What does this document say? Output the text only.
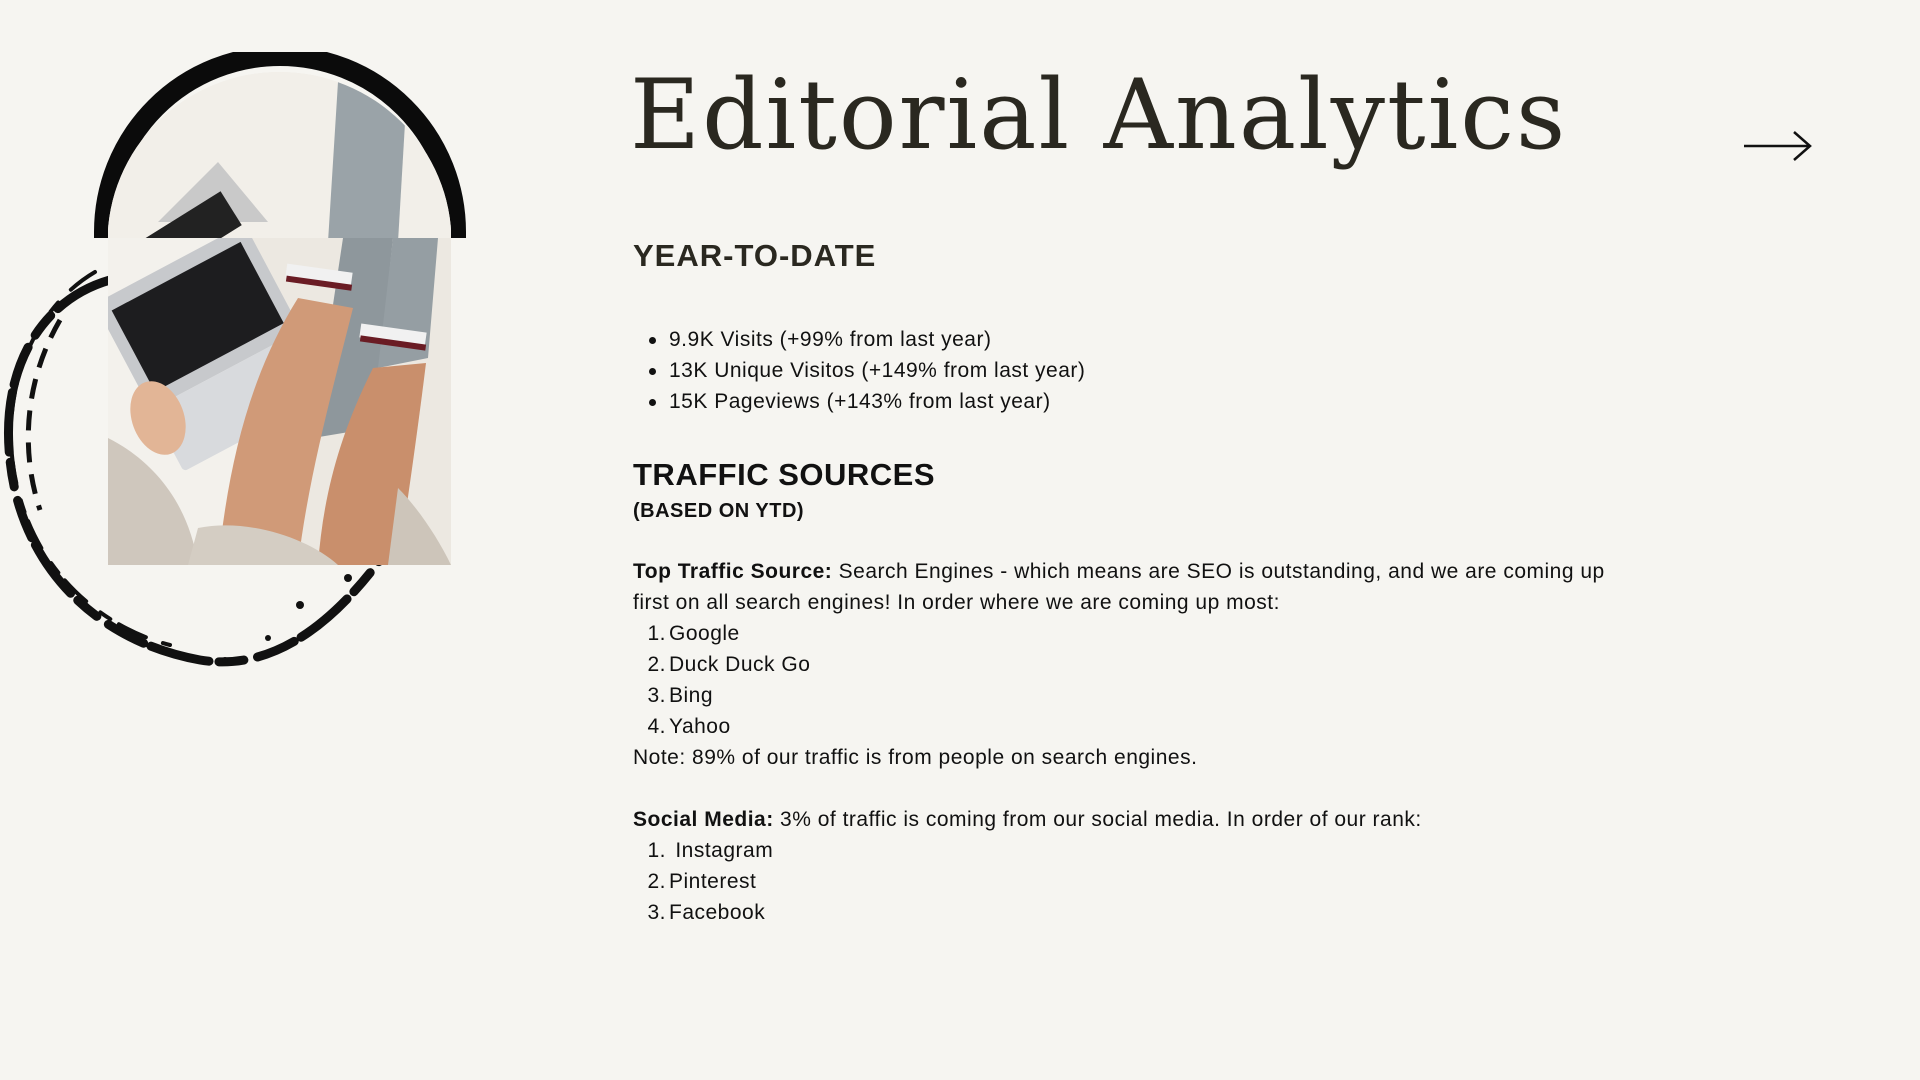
Editorial Analytics
YEAR-TO-DATE
9.9K Visits (+99% from last year)
13K Unique Visitos (+149% from last year)
15K Pageviews (+143% from last year)
TRAFFIC SOURCES
(BASED ON YTD)

Top Traffic Source: Search Engines - which means are SEO is outstanding, and we are coming up first on all search engines! In order where we are coming up most:

1. Google
2. Duck Duck Go
3. Bing
4. Yahoo

Note: 89% of our traffic is from people on search engines.

Social Media: 3% of traffic is coming from our social media. In order of our rank:

1. Instagram
2. Pinterest
3. Facebook
